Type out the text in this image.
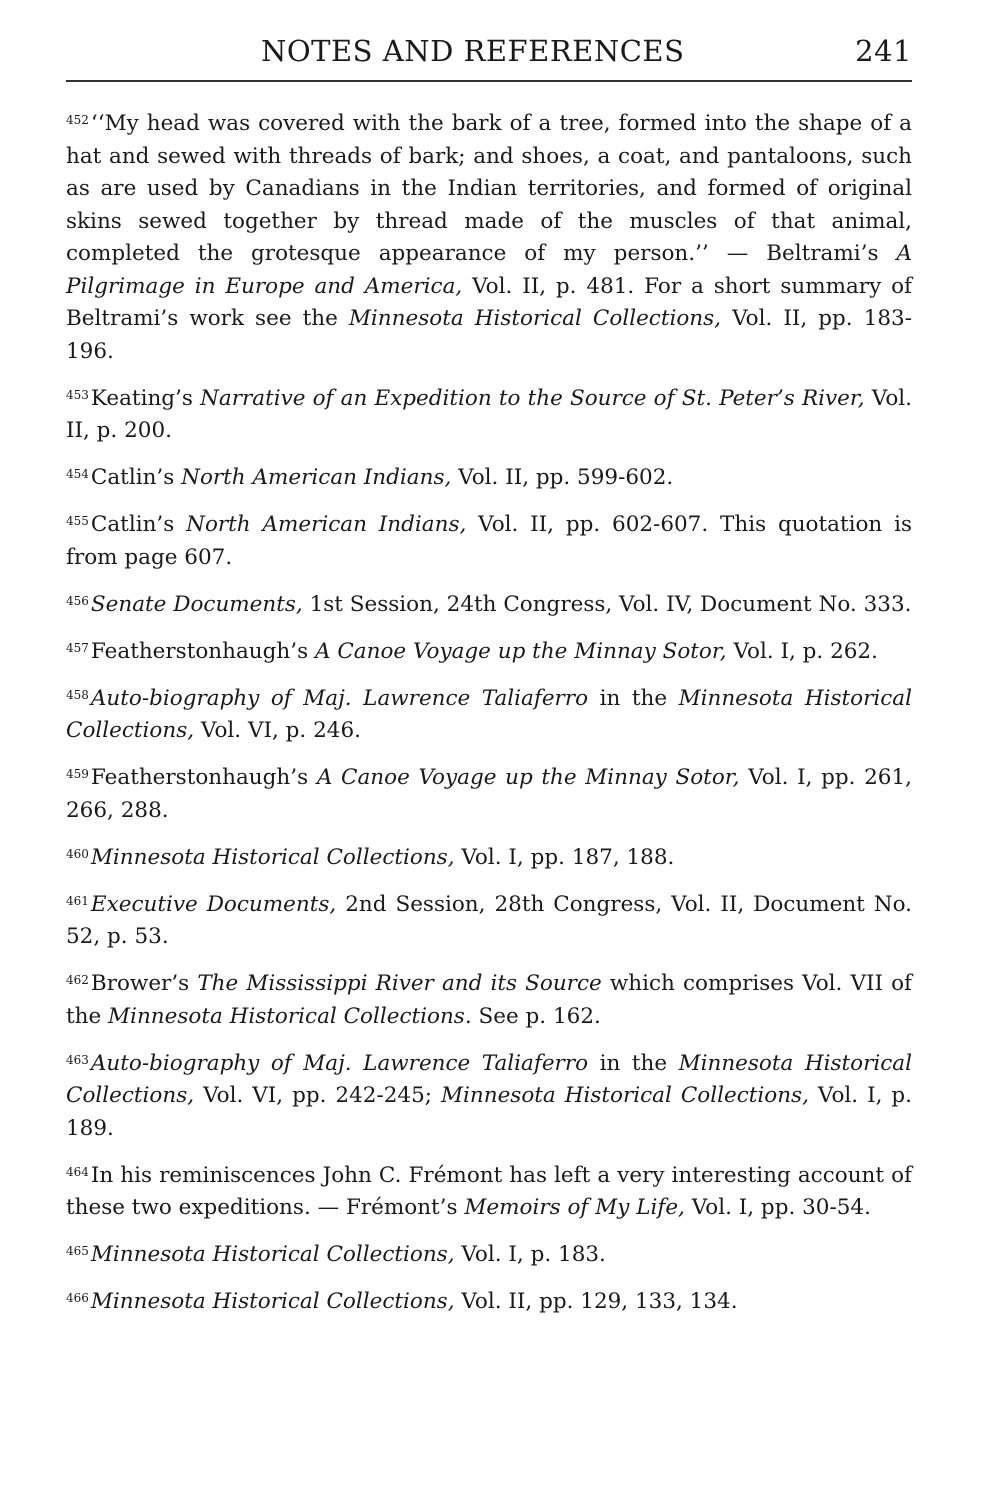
NOTES AND REFERENCES	241

$^{452}$‘‘My head was covered with the bark of a tree, formed into the shape of a hat and sewed with threads of bark; and shoes, a coat, and pantaloons, such as are used by Canadians in the Indian territories, and formed of original skins sewed together by thread made of the muscles of that animal, completed the grotesque appearance of my person.’’ — Beltrami’s A Pilgrimage in Europe and America, Vol. II, p. 481. For a short summary of Beltrami’s work see the Minnesota Historical Collections, Vol. II, pp. 183-196.

$^{453}$Keating’s Narrative of an Expedition to the Source of St. Peter’s River, Vol. II, p. 200.

$^{454}$Catlin’s North American Indians, Vol. II, pp. 599-602.

$^{455}$Catlin’s North American Indians, Vol. II, pp. 602-607. This quotation is from page 607.

$^{456}$Senate Documents, 1st Session, 24th Congress, Vol. IV, Document No. 333.

$^{457}$Featherstonhaugh’s A Canoe Voyage up the Minnay Sotor, Vol. I, p. 262.

$^{458}$Auto-biography of Maj. Lawrence Taliaferro in the Minnesota Historical Collections, Vol. VI, p. 246.

$^{459}$Featherstonhaugh’s A Canoe Voyage up the Minnay Sotor, Vol. I, pp. 261, 266, 288.

$^{460}$Minnesota Historical Collections, Vol. I, pp. 187, 188.

$^{461}$Executive Documents, 2nd Session, 28th Congress, Vol. II, Document No. 52, p. 53.

$^{462}$Brower’s The Mississippi River and its Source which comprises Vol. VII of the Minnesota Historical Collections. See p. 162.

$^{463}$Auto-biography of Maj. Lawrence Taliaferro in the Minnesota Historical Collections, Vol. VI, pp. 242-245; Minnesota Historical Collections, Vol. I, p. 189.

$^{464}$In his reminiscences John C. Frémont has left a very interesting account of these two expeditions. — Frémont’s Memoirs of My Life, Vol. I, pp. 30-54.

$^{465}$Minnesota Historical Collections, Vol. I, p. 183.

$^{466}$Minnesota Historical Collections, Vol. II, pp. 129, 133, 134.
